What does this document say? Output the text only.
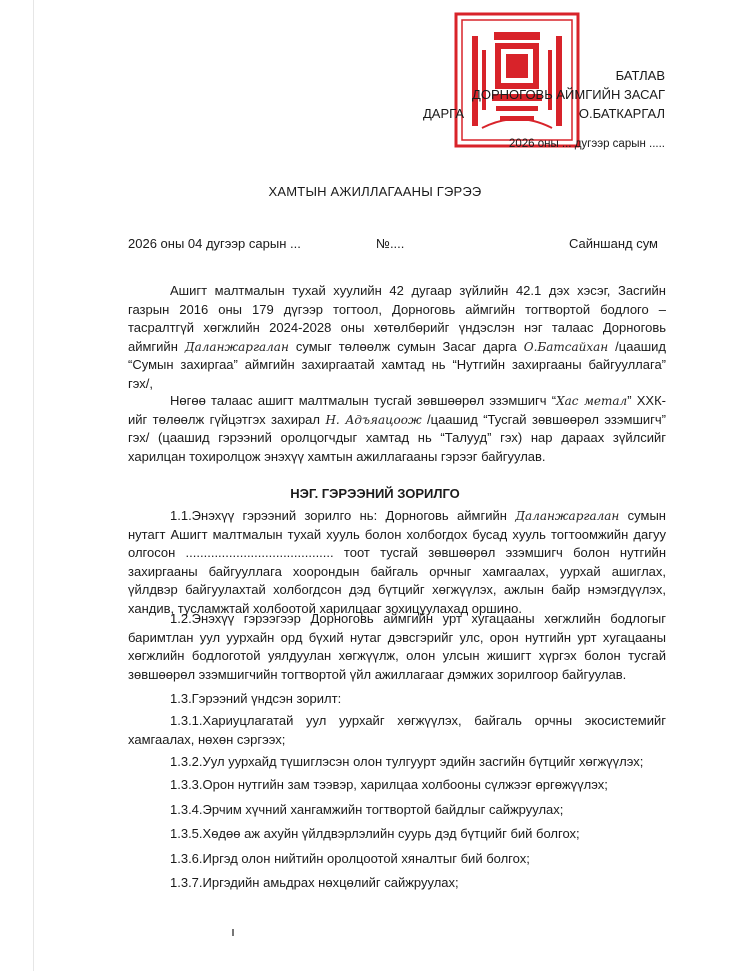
БАТЛАВ
ДОРНОГОВЬ АЙМГИЙН ЗАСАГ
ДАРГА	О.БАТКАРГАЛ
2026 оны ... дугээр сарын .....
ХАМТЫН АЖИЛЛАГААНЫ ГЭРЭЭ
2026 оны 04 дугээр сарын ...	№....	Сайншанд сум
Ашигт малтмалын тухай хуулийн 42 дугаар зүйлийн 42.1 дэх хэсэг, Засгийн газрын 2016 оны 179 дүгээр тогтоол, Дорноговь аймгийн тогтвортой бодлого – тасралтгүй хөгжлийн 2024-2028 оны хөтөлбөрийг үндэслэн нэг талаас Дорноговь аймгийн Даланжаргалан сумыг төлөөлж сумын Засаг дарга О.Батсайхан /цаашид “Сумын захиргаа” аймгийн захиргаатай хамтад нь “Нутгийн захиргааны байгууллага” гэх/,
Нөгөө талаас ашигт малтмалын тусгай зөвшөөрөл эзэмшигч “Хас метал” ХХК-ийг төлөөлж гүйцэтгэх захирал Н. Адъяацоож /цаашид “Тусгай зөвшөөрөл эзэмшигч” гэх/ (цаашид гэрээний оролцогчдыг хамтад нь “Талууд” гэх) нар дараах зүйлсийг харилцан тохиролцож энэхүү хамтын ажиллагааны гэрээг байгуулав.
НЭГ. ГЭРЭЭНИЙ ЗОРИЛГО
1.1.Энэхүү гэрээний зорилго нь: Дорноговь аймгийн Даланжаргалан сумын нутагт Ашигт малтмалын тухай хууль болон холбогдох бусад хууль тогтоомжийн дагуу олгосон ......................................... тоот тусгай зөвшөөрөл эзэмшигч болон нутгийн захиргааны байгууллага хоорондын байгаль орчныг хамгаалах, уурхай ашиглах, үйлдвэр байгуулахтай холбогдсон дэд бүтцийг хөгжүүлэх, ажлын байр нэмэгдүүлэх, хандив, тусламжтай холбоотой харилцааг зохицуулахад оршино.
1.2.Энэхүү гэрээгээр Дорноговь аймгийн урт хугацааны хөгжлийн бодлогыг баримтлан уул уурхайн орд бүхий нутаг дэвсгэрийг улс, орон нутгийн урт хугацааны хөгжлийн бодлоготой уялдуулан хөгжүүлж, олон улсын жишигт хүргэх болон тусгай зөвшөөрөл эзэмшигчийн тогтвортой үйл ажиллагааг дэмжих зорилгоор байгуулав.
1.3.Гэрээний үндсэн зорилт:
1.3.1.Хариуцлагатай уул уурхайг хөгжүүлэх, байгаль орчны экосистемийг хамгаалах, нөхөн сэргээх;
1.3.2.Уул уурхайд түшиглэсэн олон тулгуурт эдийн засгийн бүтцийг хөгжүүлэх;
1.3.3.Орон нутгийн зам тээвэр, харилцаа холбооны сүлжээг өргөжүүлэх;
1.3.4.Эрчим хүчний хангамжийн тогтвортой байдлыг сайжруулах;
1.3.5.Хөдөө аж ахуйн үйлдвэрлэлийн суурь дэд бүтцийг бий болгох;
1.3.6.Иргэд олон нийтийн оролцоотой хяналтыг бий болгох;
1.3.7.Иргэдийн амьдрах нөхцөлийг сайжруулах;
